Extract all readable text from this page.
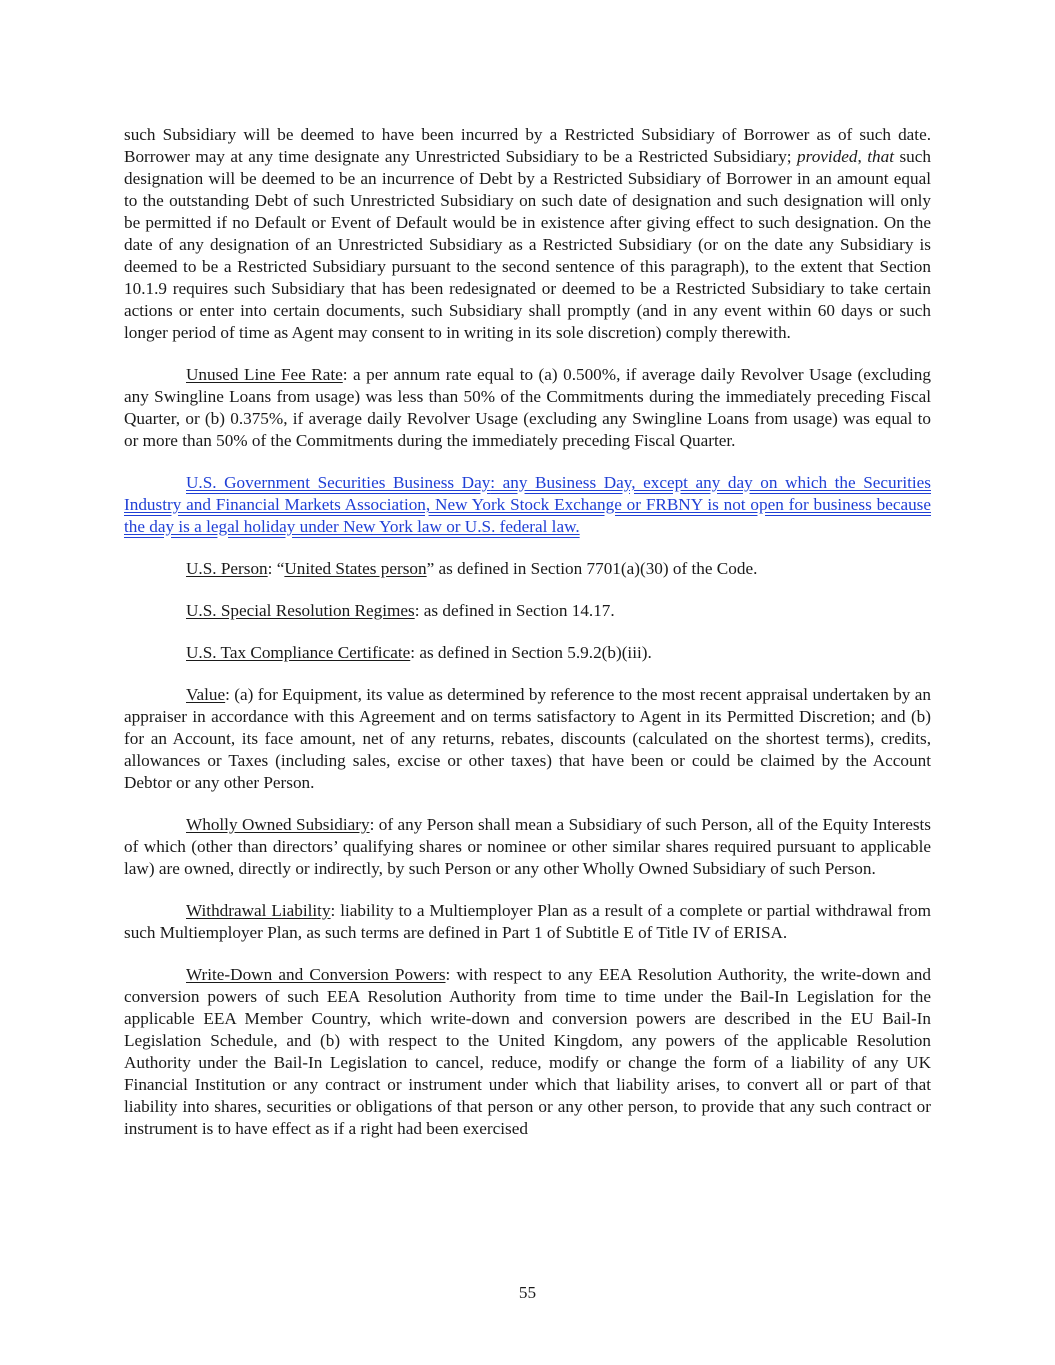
such Subsidiary will be deemed to have been incurred by a Restricted Subsidiary of Borrower as of such date. Borrower may at any time designate any Unrestricted Subsidiary to be a Restricted Subsidiary; provided, that such designation will be deemed to be an incurrence of Debt by a Restricted Subsidiary of Borrower in an amount equal to the outstanding Debt of such Unrestricted Subsidiary on such date of designation and such designation will only be permitted if no Default or Event of Default would be in existence after giving effect to such designation. On the date of any designation of an Unrestricted Subsidiary as a Restricted Subsidiary (or on the date any Subsidiary is deemed to be a Restricted Subsidiary pursuant to the second sentence of this paragraph), to the extent that Section 10.1.9 requires such Subsidiary that has been redesignated or deemed to be a Restricted Subsidiary to take certain actions or enter into certain documents, such Subsidiary shall promptly (and in any event within 60 days or such longer period of time as Agent may consent to in writing in its sole discretion) comply therewith.

Unused Line Fee Rate: a per annum rate equal to (a) 0.500%, if average daily Revolver Usage (excluding any Swingline Loans from usage) was less than 50% of the Commitments during the immediately preceding Fiscal Quarter, or (b) 0.375%, if average daily Revolver Usage (excluding any Swingline Loans from usage) was equal to or more than 50% of the Commitments during the immediately preceding Fiscal Quarter.

U.S. Government Securities Business Day: any Business Day, except any day on which the Securities Industry and Financial Markets Association, New York Stock Exchange or FRBNY is not open for business because the day is a legal holiday under New York law or U.S. federal law.

U.S. Person: “United States person” as defined in Section 7701(a)(30) of the Code.

U.S. Special Resolution Regimes: as defined in Section 14.17.

U.S. Tax Compliance Certificate: as defined in Section 5.9.2(b)(iii).

Value: (a) for Equipment, its value as determined by reference to the most recent appraisal undertaken by an appraiser in accordance with this Agreement and on terms satisfactory to Agent in its Permitted Discretion; and (b) for an Account, its face amount, net of any returns, rebates, discounts (calculated on the shortest terms), credits, allowances or Taxes (including sales, excise or other taxes) that have been or could be claimed by the Account Debtor or any other Person.

Wholly Owned Subsidiary: of any Person shall mean a Subsidiary of such Person, all of the Equity Interests of which (other than directors’ qualifying shares or nominee or other similar shares required pursuant to applicable law) are owned, directly or indirectly, by such Person or any other Wholly Owned Subsidiary of such Person.

Withdrawal Liability: liability to a Multiemployer Plan as a result of a complete or partial withdrawal from such Multiemployer Plan, as such terms are defined in Part 1 of Subtitle E of Title IV of ERISA.

Write-Down and Conversion Powers: with respect to any EEA Resolution Authority, the write-down and conversion powers of such EEA Resolution Authority from time to time under the Bail-In Legislation for the applicable EEA Member Country, which write-down and conversion powers are described in the EU Bail-In Legislation Schedule, and (b) with respect to the United Kingdom, any powers of the applicable Resolution Authority under the Bail-In Legislation to cancel, reduce, modify or change the form of a liability of any UK Financial Institution or any contract or instrument under which that liability arises, to convert all or part of that liability into shares, securities or obligations of that person or any other person, to provide that any such contract or instrument is to have effect as if a right had been exercised

55
